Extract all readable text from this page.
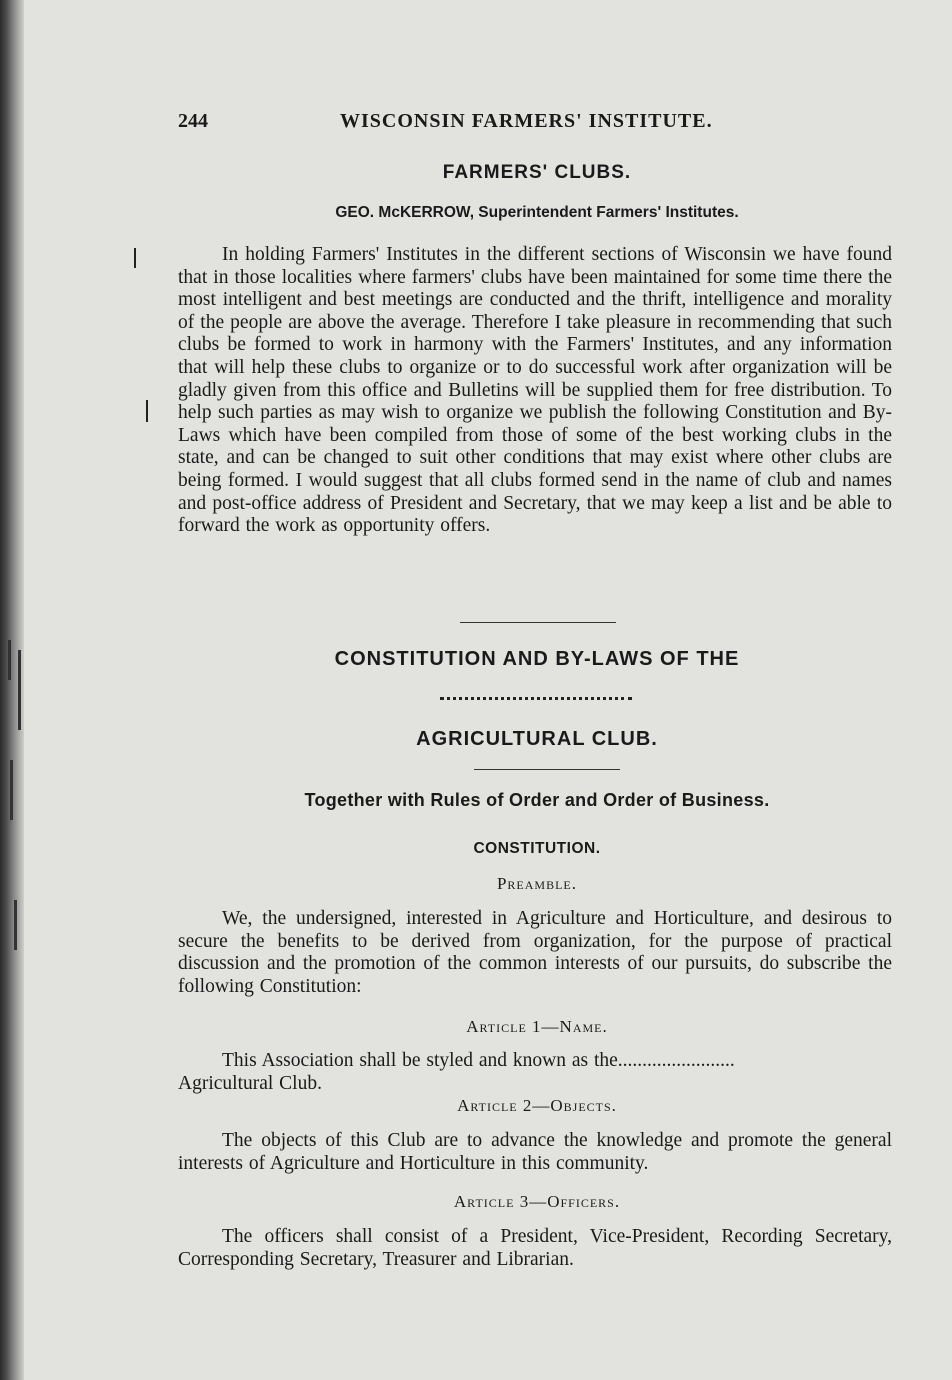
244	WISCONSIN FARMERS' INSTITUTE.
FARMERS' CLUBS.
GEO. McKERROW, Superintendent Farmers' Institutes.
In holding Farmers' Institutes in the different sections of Wisconsin we have found that in those localities where farmers' clubs have been maintained for some time there the most intelligent and best meetings are conducted and the thrift, intelligence and morality of the people are above the average. Therefore I take pleasure in recommending that such clubs be formed to work in harmony with the Farmers' Institutes, and any information that will help these clubs to organize or to do successful work after organization will be gladly given from this office and Bulletins will be supplied them for free distribution. To help such parties as may wish to organize we publish the following Constitution and By-Laws which have been compiled from those of some of the best working clubs in the state, and can be changed to suit other conditions that may exist where other clubs are being formed. I would suggest that all clubs formed send in the name of club and names and post-office address of President and Secretary, that we may keep a list and be able to forward the work as opportunity offers.
CONSTITUTION AND BY-LAWS OF THE
AGRICULTURAL CLUB.
Together with Rules of Order and Order of Business.
CONSTITUTION.
Preamble.
We, the undersigned, interested in Agriculture and Horticulture, and desirous to secure the benefits to be derived from organization, for the purpose of practical discussion and the promotion of the common interests of our pursuits, do subscribe the following Constitution:
Article 1—Name.
This Association shall be styled and known as the........................
Agricultural Club.
Article 2—Objects.
The objects of this Club are to advance the knowledge and promote the general interests of Agriculture and Horticulture in this community.
Article 3—Officers.
The officers shall consist of a President, Vice-President, Recording Secretary, Corresponding Secretary, Treasurer and Librarian.
